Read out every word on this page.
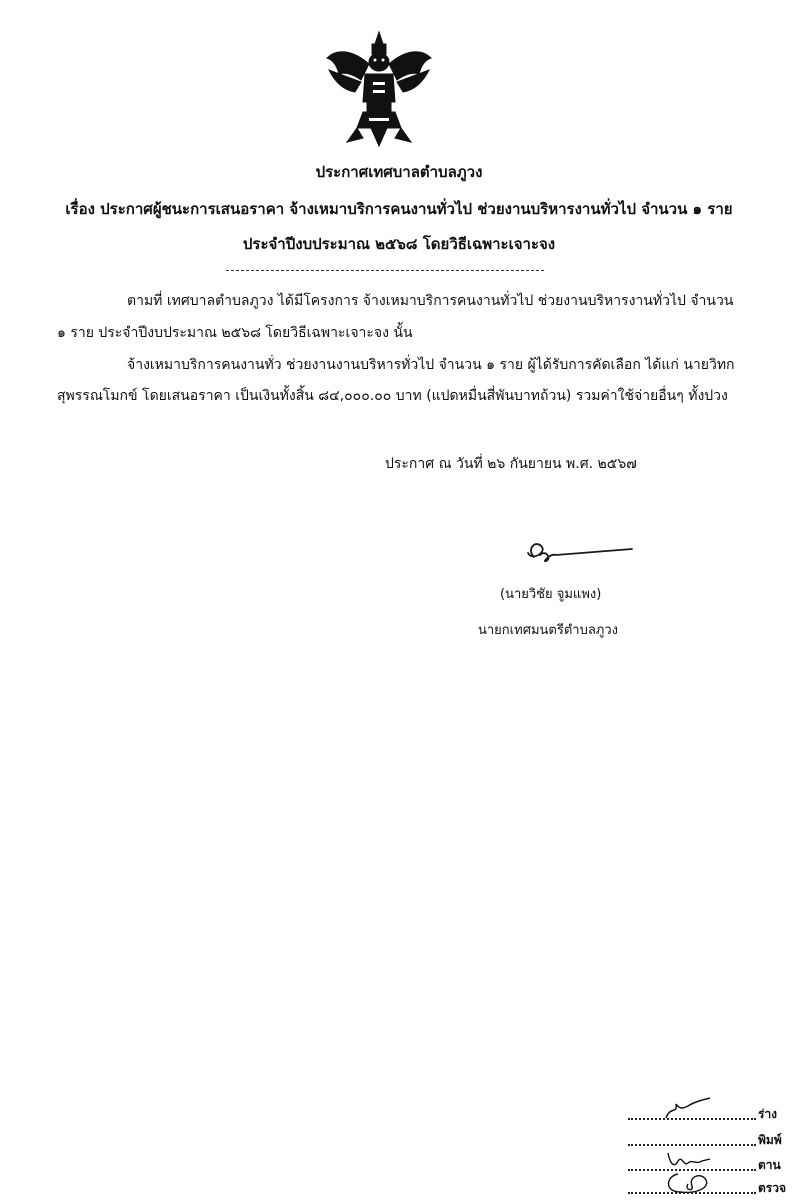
ประกาศเทศบาลตำบลภูวง
เรื่อง ประกาศผู้ชนะการเสนอราคา จ้างเหมาบริการคนงานทั่วไป ช่วยงานบริหารงานทั่วไป จำนวน ๑ ราย
ประจำปีงบประมาณ ๒๕๖๘ โดยวิธีเฉพาะเจาะจง
ตามที่ เทศบาลตำบลภูวง ได้มีโครงการ จ้างเหมาบริการคนงานทั่วไป ช่วยงานบริหารงานทั่วไป จำนวน
๑ ราย ประจำปีงบประมาณ ๒๕๖๘ โดยวิธีเฉพาะเจาะจง นั้น
จ้างเหมาบริการคนงานทั่ว ช่วยงานงานบริหารทั่วไป จำนวน ๑ ราย ผู้ได้รับการคัดเลือก ได้แก่ นายวิทก
สุพรรณโมกข์ โดยเสนอราคา เป็นเงินทั้งสิ้น ๘๔,๐๐๐.๐๐ บาท (แปดหมื่นสี่พันบาทถ้วน) รวมค่าใช้จ่ายอื่นๆ ทั้งปวง
ประกาศ ณ วันที่ ๒๖ กันยายน พ.ศ. ๒๕๖๗
(นายวิชัย จูมแพง)
นายกเทศมนตรีตำบลภูวง
ร่าง
พิมพ์
ตาน
ตรวจ
